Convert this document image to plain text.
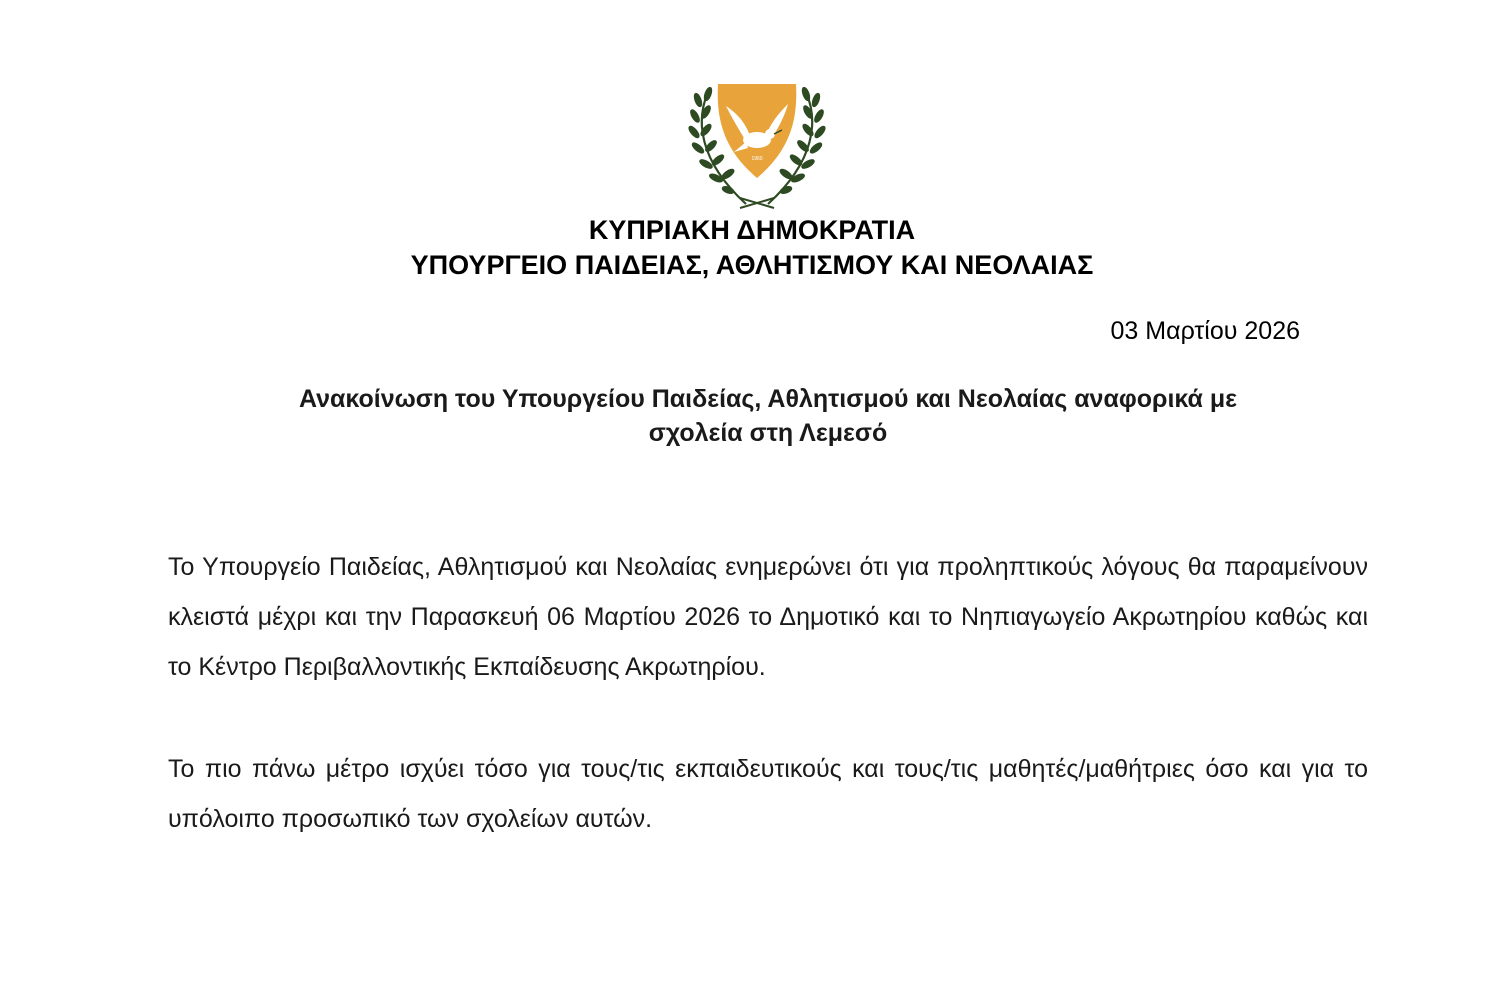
1960
ΚΥΠΡΙΑΚΗ ΔΗΜΟΚΡΑΤΙΑ
ΥΠΟΥΡΓΕΙΟ ΠΑΙΔΕΙΑΣ, ΑΘΛΗΤΙΣΜΟΥ ΚΑΙ ΝΕΟΛΑΙΑΣ
03 Μαρτίου 2026
Ανακοίνωση του Υπουργείου Παιδείας, Αθλητισμού και Νεολαίας αναφορικά με
σχολεία στη Λεμεσό

Το Υπουργείο Παιδείας, Αθλητισμού και Νεολαίας ενημερώνει ότι για προληπτικούς λόγους θα παραμείνουν κλειστά μέχρι και την Παρασκευή 06 Μαρτίου 2026 το Δημοτικό και το Νηπιαγωγείο Ακρωτηρίου καθώς και το Κέντρο Περιβαλλοντικής Εκπαίδευσης Ακρωτηρίου.

Το πιο πάνω μέτρο ισχύει τόσο για τους/τις εκπαιδευτικούς και τους/τις μαθητές/μαθήτριες όσο και για το υπόλοιπο προσωπικό των σχολείων αυτών.
